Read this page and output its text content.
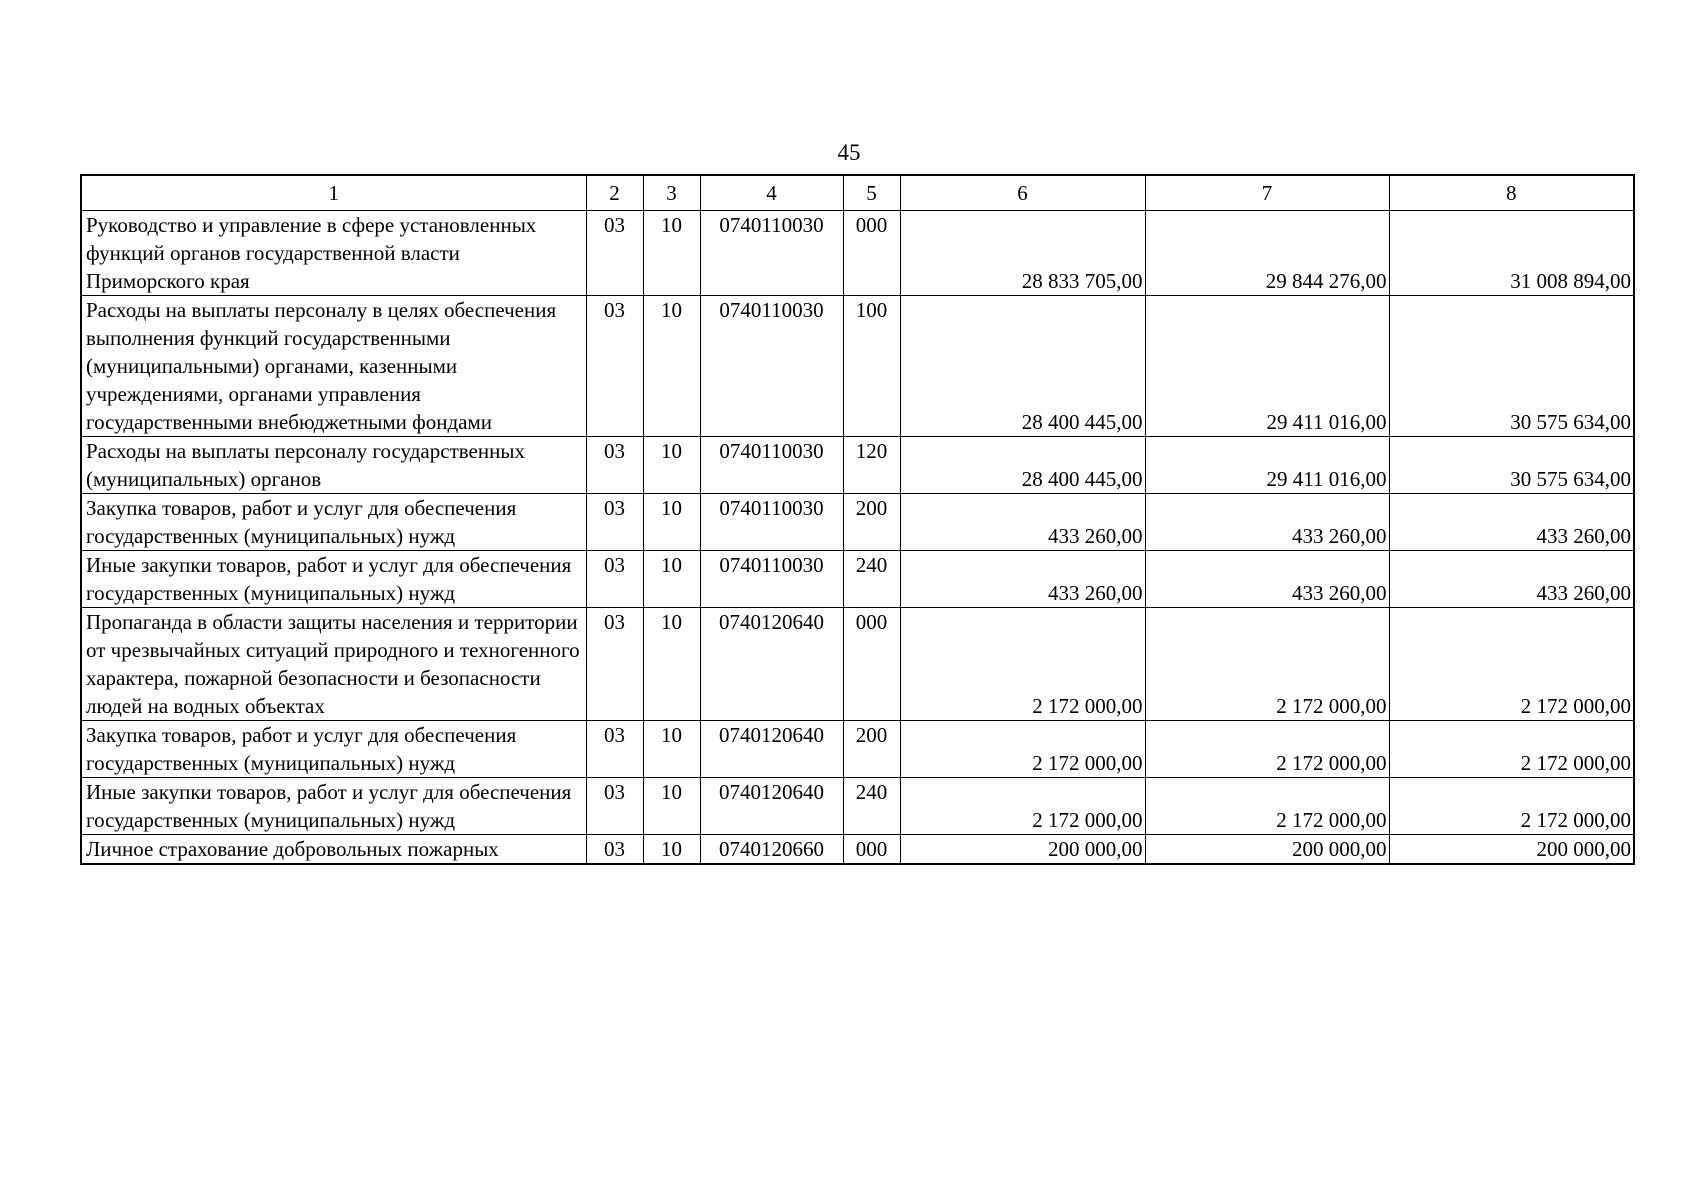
45
1	2	3	4	5	6	7	8
Руководство и управление в сфере установленных функций органов государственной власти Приморского края	03	10	0740110030	000	28 833 705,00	29 844 276,00	31 008 894,00
Расходы на выплаты персоналу в целях обеспечения выполнения функций государственными (муниципальными) органами, казенными учреждениями, органами управления государственными внебюджетными фондами	03	10	0740110030	100	28 400 445,00	29 411 016,00	30 575 634,00
Расходы на выплаты персоналу государственных (муниципальных) органов	03	10	0740110030	120	28 400 445,00	29 411 016,00	30 575 634,00
Закупка товаров, работ и услуг для обеспечения государственных (муниципальных) нужд	03	10	0740110030	200	433 260,00	433 260,00	433 260,00
Иные закупки товаров, работ и услуг для обеспечения государственных (муниципальных) нужд	03	10	0740110030	240	433 260,00	433 260,00	433 260,00
Пропаганда в области защиты населения и территории от чрезвычайных ситуаций природного и техногенного характера, пожарной безопасности и безопасности людей на водных объектах	03	10	0740120640	000	2 172 000,00	2 172 000,00	2 172 000,00
Закупка товаров, работ и услуг для обеспечения государственных (муниципальных) нужд	03	10	0740120640	200	2 172 000,00	2 172 000,00	2 172 000,00
Иные закупки товаров, работ и услуг для обеспечения государственных (муниципальных) нужд	03	10	0740120640	240	2 172 000,00	2 172 000,00	2 172 000,00
Личное страхование добровольных пожарных	03	10	0740120660	000	200 000,00	200 000,00	200 000,00
